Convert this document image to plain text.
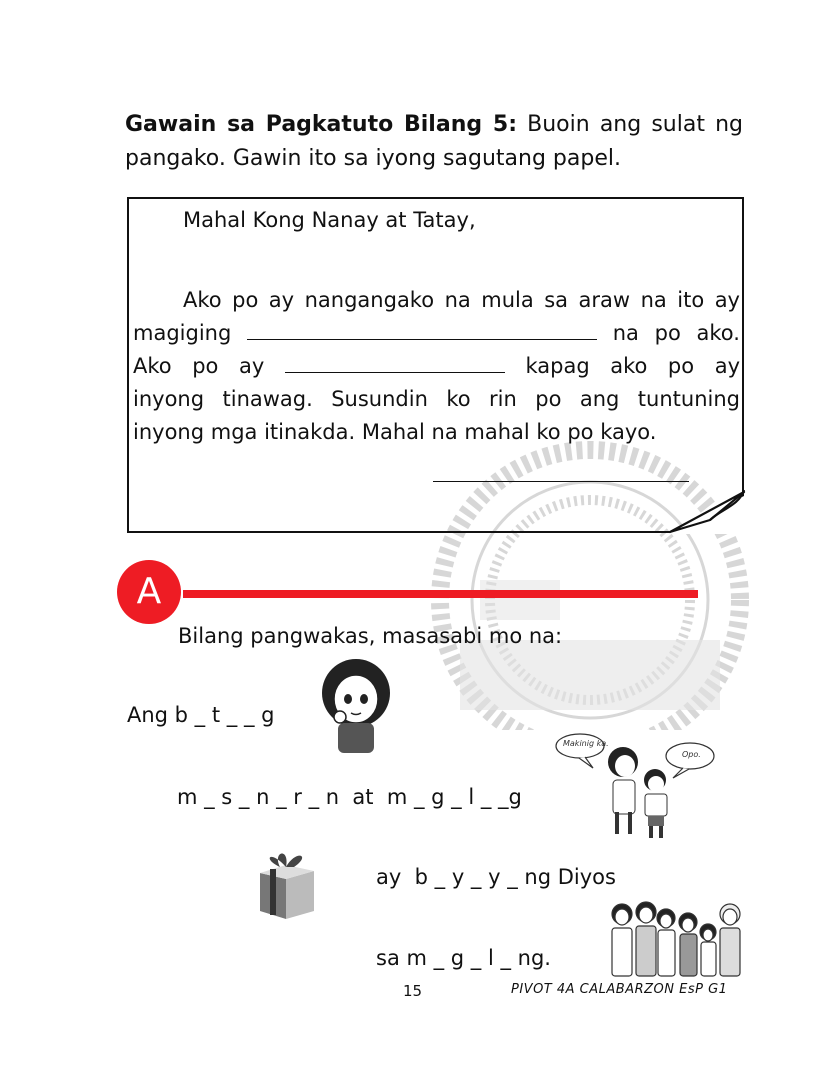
Gawain sa Pagkatuto Bilang 5: Buoin ang sulat ng
pangako. Gawin ito sa iyong sagutang papel.
Mahal Kong Nanay at Tatay,
Ako po ay nangangako na mula sa araw na ito ay
magiging	na po ako.
Ako po ay	kapag ako po ay
inyong tinawag. Susundin ko rin po ang tuntuning
inyong mga itinakda. Mahal na mahal ko po kayo.
A
Bilang pangwakas, masasabi mo na:
Ang b _ t _ _ g
m _ s _ n _ r _ n  at  m _ g _ l _ _g
Makinig ka.
Opo.
ay  b _ y _ y _ ng Diyos
sa m _ g _ l _ ng.
15	PIVOT 4A CALABARZON EsP G1
